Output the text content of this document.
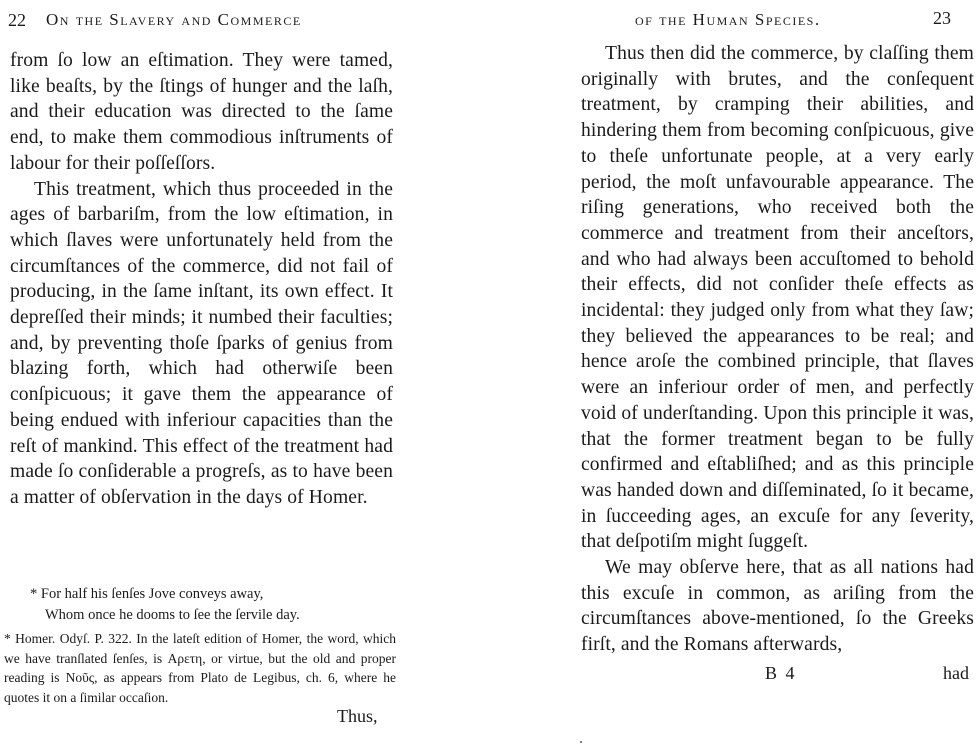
22 On the Slavery and Commerce

from ſo low an eſtimation. They were tamed, like beaſts, by the ſtings of hunger and the laſh, and their education was directed to the ſame end, to make them commodious inſtruments of labour for their poſſeſſors.

This treatment, which thus proceeded in the ages of barbariſm, from the low eſtimation, in which ſlaves were unfortunately held from the circumſtances of the commerce, did not fail of producing, in the ſame inſtant, its own effect. It depreſſed their minds; it numbed their faculties; and, by preventing thoſe ſparks of genius from blazing forth, which had otherwiſe been conſpicuous; it gave them the appearance of being endued with inferiour capacities than the reſt of mankind. This effect of the treatment had made ſo conſiderable a progreſs, as to have been a matter of obſervation in the days of Homer.

* For half his ſenſes Jove conveys away,
Whom once he dooms to ſee the ſervile day.

* Homer. Odyſ. P. 322. In the lateſt edition of Homer, the word, which we have tranſlated ſenſes, is Αρετη, or virtue, but the old and proper reading is Νοῦς, as appears from Plato de Legibus, ch. 6, where he quotes it on a ſimilar occaſion.

Thus,
of the Human Species.	23

Thus then did the commerce, by claſſing them originally with brutes, and the conſequent treatment, by cramping their abilities, and hindering them from becoming conſpicuous, give to theſe unfortunate people, at a very early period, the moſt unfavourable appearance. The riſing generations, who received both the commerce and treatment from their anceſtors, and who had always been accuſtomed to behold their effects, did not conſider theſe effects as incidental: they judged only from what they ſaw; they believed the appearances to be real; and hence aroſe the combined principle, that ſlaves were an inferiour order of men, and perfectly void of underſtanding. Upon this principle it was, that the former treatment began to be fully confirmed and eſtabliſhed; and as this principle was handed down and diſſeminated, ſo it became, in ſucceeding ages, an excuſe for any ſeverity, that deſpotiſm might ſuggeſt.

We may obſerve here, that as all nations had this excuſe in common, as ariſing from the circumſtances above-mentioned, ſo the Greeks firſt, and the Romans afterwards,

B 4	had
